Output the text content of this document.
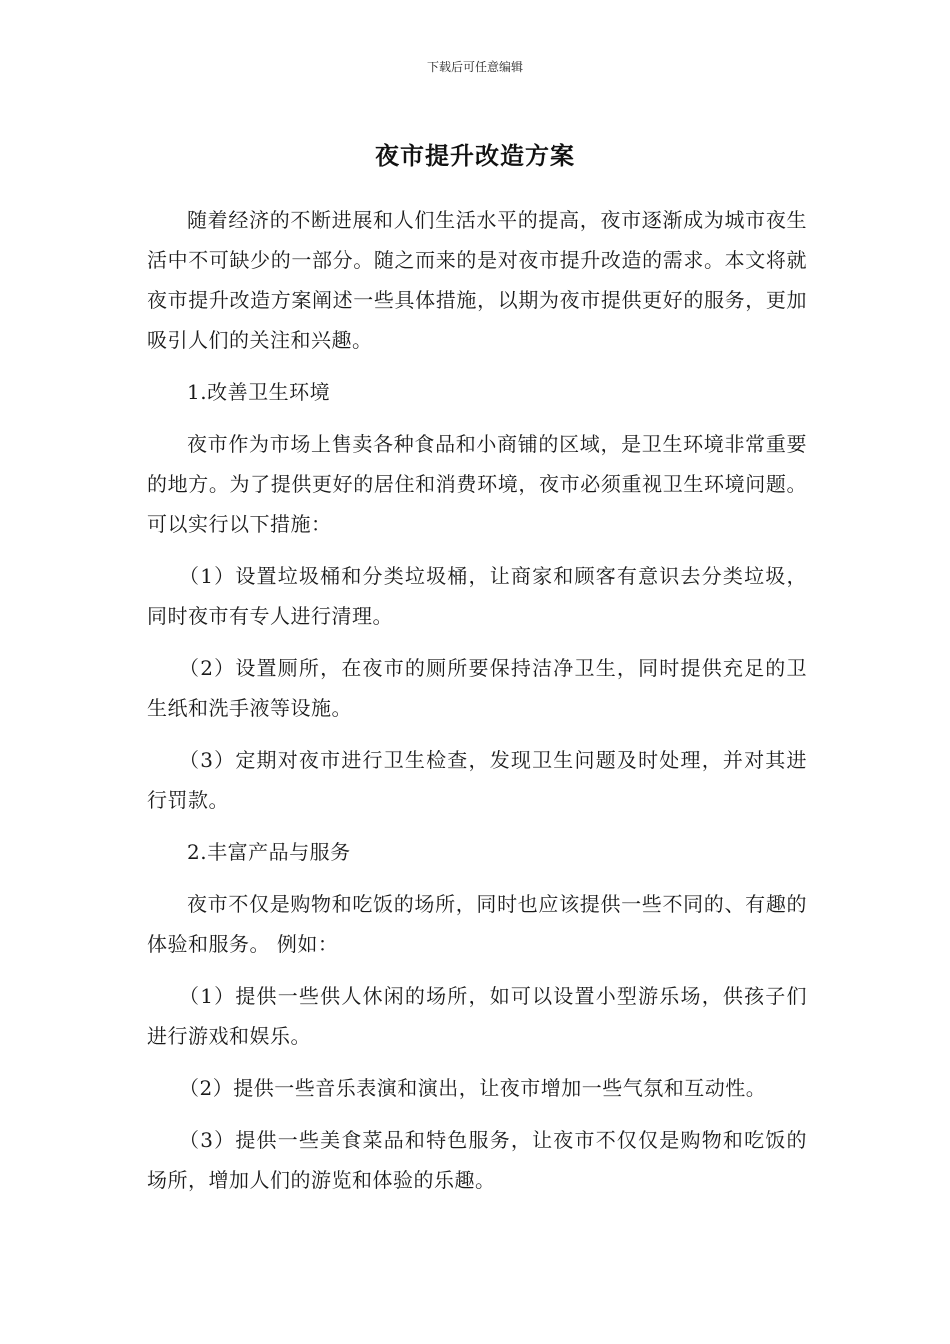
下载后可任意编辑
夜市提升改造方案

随着经济的不断进展和人们生活水平的提高，夜市逐渐成为城市夜生活中不可缺少的一部分。随之而来的是对夜市提升改造的需求。本文将就夜市提升改造方案阐述一些具体措施，以期为夜市提供更好的服务，更加吸引人们的关注和兴趣。

1.改善卫生环境

夜市作为市场上售卖各种食品和小商铺的区域，是卫生环境非常重要的地方。为了提供更好的居住和消费环境，夜市必须重视卫生环境问题。 可以实行以下措施：

（1）设置垃圾桶和分类垃圾桶，让商家和顾客有意识去分类垃圾，同时夜市有专人进行清理。

（2）设置厕所，在夜市的厕所要保持洁净卫生，同时提供充足的卫生纸和洗手液等设施。

（3）定期对夜市进行卫生检查，发现卫生问题及时处理，并对其进行罚款。

2.丰富产品与服务

夜市不仅是购物和吃饭的场所，同时也应该提供一些不同的、有趣的体验和服务。 例如：

（1）提供一些供人休闲的场所，如可以设置小型游乐场，供孩子们进行游戏和娱乐。

（2）提供一些音乐表演和演出，让夜市增加一些气氛和互动性。

（3）提供一些美食菜品和特色服务，让夜市不仅仅是购物和吃饭的场所，增加人们的游览和体验的乐趣。
